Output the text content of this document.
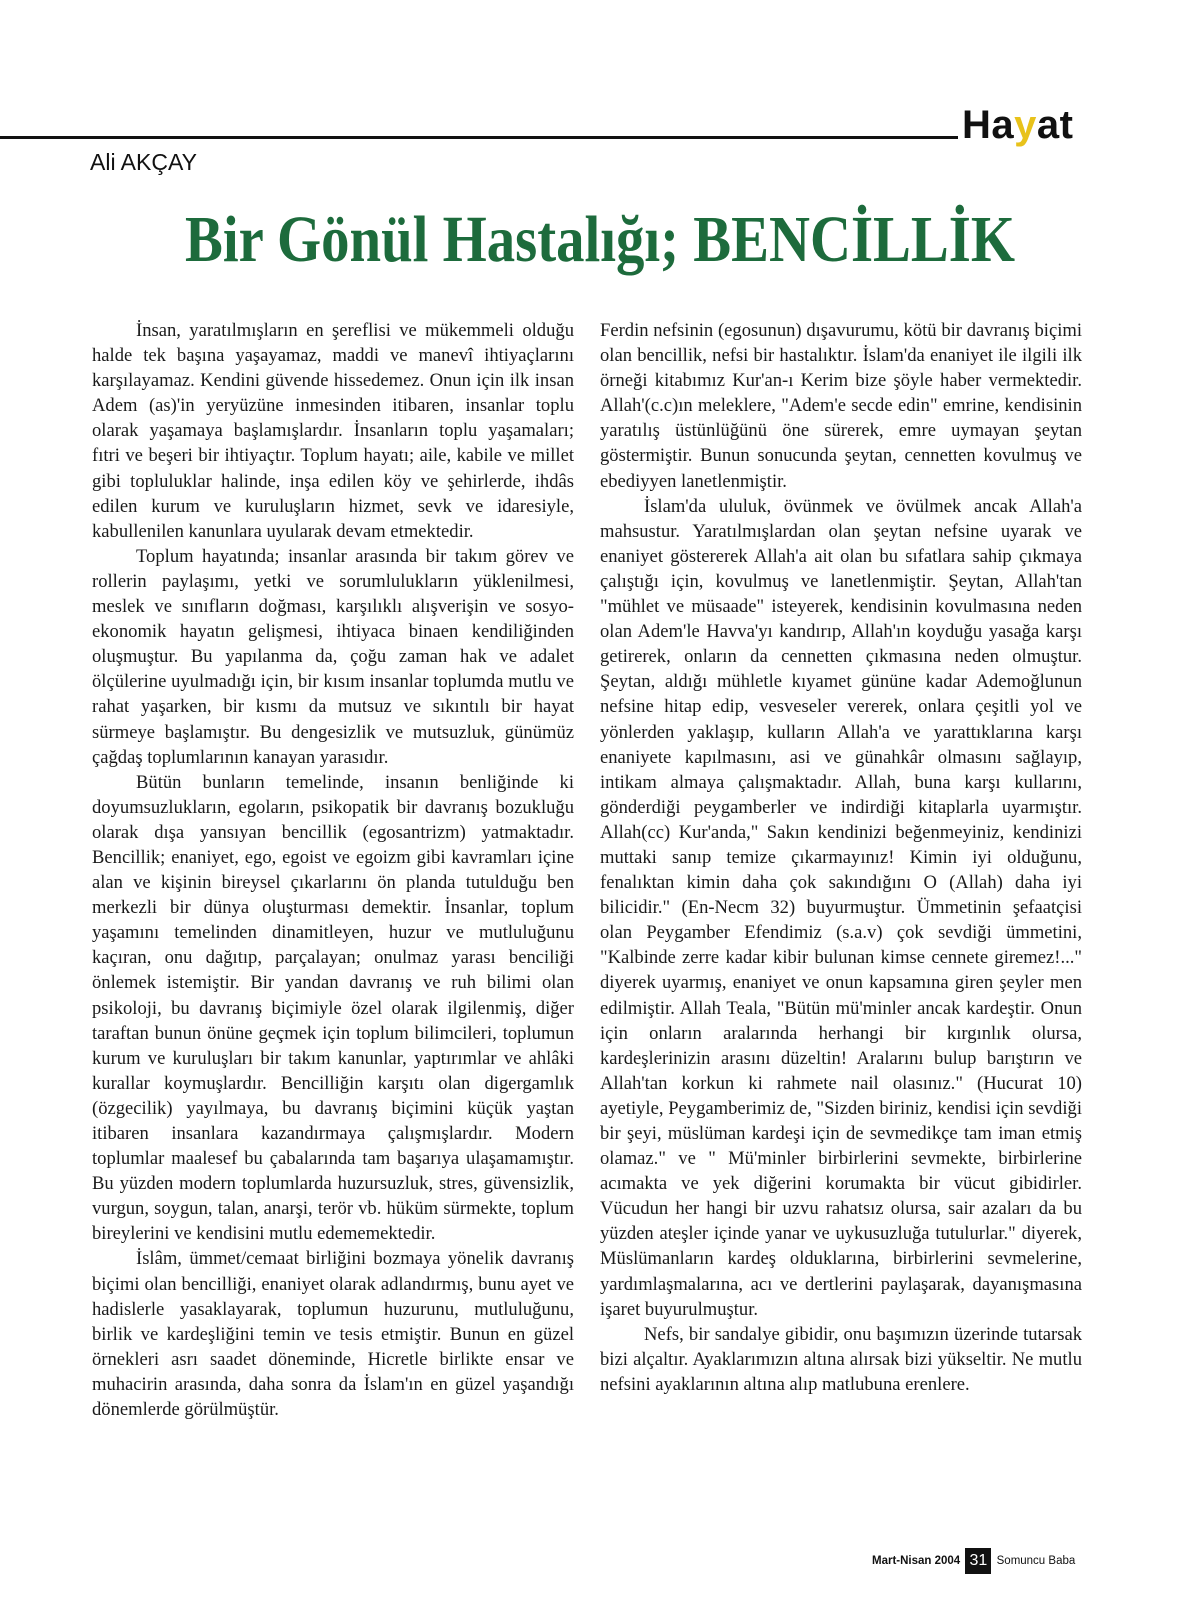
Hayat
Ali AKÇAY
Bir Gönül Hastalığı; BENCİLLİK

İnsan, yaratılmışların en şereflisi ve mükemmeli olduğu halde tek başına yaşayamaz, maddi ve manevî ihtiyaçlarını karşılayamaz. Kendini güvende hissedemez. Onun için ilk insan Adem (as)'in yeryüzüne inmesinden itibaren, insanlar toplu olarak yaşamaya başlamışlardır. İnsanların toplu yaşamaları; fıtri ve beşeri bir ihtiyaçtır. Toplum hayatı; aile, kabile ve millet gibi topluluklar halinde, inşa edilen köy ve şehirlerde, ihdâs edilen kurum ve kuruluşların hizmet, sevk ve idaresiyle, kabullenilen kanunlara uyularak devam etmektedir.

Toplum hayatında; insanlar arasında bir takım görev ve rollerin paylaşımı, yetki ve sorumlulukların yüklenilmesi, meslek ve sınıfların doğması, karşılıklı alışverişin ve sosyo-ekonomik hayatın gelişmesi, ihtiyaca binaen kendiliğinden oluşmuştur. Bu yapılanma da, çoğu zaman hak ve adalet ölçülerine uyulmadığı için, bir kısım insanlar toplumda mutlu ve rahat yaşarken, bir kısmı da mutsuz ve sıkıntılı bir hayat sürmeye başlamıştır. Bu dengesizlik ve mutsuzluk, günümüz çağdaş toplumlarının kanayan yarasıdır.

Bütün bunların temelinde, insanın benliğinde ki doyumsuzlukların, egoların, psikopatik bir davranış bozukluğu olarak dışa yansıyan bencillik (egosantrizm) yatmaktadır. Bencillik; enaniyet, ego, egoist ve egoizm gibi kavramları içine alan ve kişinin bireysel çıkarlarını ön planda tutulduğu ben merkezli bir dünya oluşturması demektir. İnsanlar, toplum yaşamını temelinden dinamitleyen, huzur ve mutluluğunu kaçıran, onu dağıtıp, parçalayan; onulmaz yarası benciliği önlemek istemiştir. Bir yandan davranış ve ruh bilimi olan psikoloji, bu davranış biçimiyle özel olarak ilgilenmiş, diğer taraftan bunun önüne geçmek için toplum bilimcileri, toplumun kurum ve kuruluşları bir takım kanunlar, yaptırımlar ve ahlâki kurallar koymuşlardır. Bencilliğin karşıtı olan digergamlık (özgecilik) yayılmaya, bu davranış biçimini küçük yaştan itibaren insanlara kazandırmaya çalışmışlardır. Modern toplumlar maalesef bu çabalarında tam başarıya ulaşamamıştır. Bu yüzden modern toplumlarda huzursuzluk, stres, güvensizlik, vurgun, soygun, talan, anarşi, terör vb. hüküm sürmekte, toplum bireylerini ve kendisini mutlu edememektedir.

İslâm, ümmet/cemaat birliğini bozmaya yönelik davranış biçimi olan bencilliği, enaniyet olarak adlandırmış, bunu ayet ve hadislerle yasaklayarak, toplumun huzurunu, mutluluğunu, birlik ve kardeşliğini temin ve tesis etmiştir. Bunun en güzel örnekleri asrı saadet döneminde, Hicretle birlikte ensar ve muhacirin arasında, daha sonra da İslam'ın en güzel yaşandığı dönemlerde görülmüştür.

Ferdin nefsinin (egosunun) dışavurumu, kötü bir davranış biçimi olan bencillik, nefsi bir hastalıktır. İslam'da enaniyet ile ilgili ilk örneği kitabımız Kur'an-ı Kerim bize şöyle haber vermektedir. Allah'(c.c)ın meleklere, "Adem'e secde edin" emrine, kendisinin yaratılış üstünlüğünü öne sürerek, emre uymayan şeytan göstermiştir. Bunun sonucunda şeytan, cennetten kovulmuş ve ebediyyen lanetlenmiştir.

İslam'da ululuk, övünmek ve övülmek ancak Allah'a mahsustur. Yaratılmışlardan olan şeytan nefsine uyarak ve enaniyet göstererek Allah'a ait olan bu sıfatlara sahip çıkmaya çalıştığı için, kovulmuş ve lanetlenmiştir. Şeytan, Allah'tan "mühlet ve müsaade" isteyerek, kendisinin kovulmasına neden olan Adem'le Havva'yı kandırıp, Allah'ın koyduğu yasağa karşı getirerek, onların da cennetten çıkmasına neden olmuştur. Şeytan, aldığı mühletle kıyamet gününe kadar Ademoğlunun nefsine hitap edip, vesveseler vererek, onlara çeşitli yol ve yönlerden yaklaşıp, kulların Allah'a ve yarattıklarına karşı enaniyete kapılmasını, asi ve günahkâr olmasını sağlayıp, intikam almaya çalışmaktadır. Allah, buna karşı kullarını, gönderdiği peygamberler ve indirdiği kitaplarla uyarmıştır. Allah(cc) Kur'anda," Sakın kendinizi beğenmeyiniz, kendinizi muttaki sanıp temize çıkarmayınız! Kimin iyi olduğunu, fenalıktan kimin daha çok sakındığını O (Allah) daha iyi bilicidir." (En-Necm 32) buyurmuştur. Ümmetinin şefaatçisi olan Peygamber Efendimiz (s.a.v) çok sevdiği ümmetini, "Kalbinde zerre kadar kibir bulunan kimse cennete giremez!..." diyerek uyarmış, enaniyet ve onun kapsamına giren şeyler men edilmiştir. Allah Teala, "Bütün mü'minler ancak kardeştir. Onun için onların aralarında herhangi bir kırgınlık olursa, kardeşlerinizin arasını düzeltin! Aralarını bulup barıştırın ve Allah'tan korkun ki rahmete nail olasınız." (Hucurat 10) ayetiyle, Peygamberimiz de, "Sizden biriniz, kendisi için sevdiği bir şeyi, müslüman kardeşi için de sevmedikçe tam iman etmiş olamaz." ve " Mü'minler birbirlerini sevmekte, birbirlerine acımakta ve yek diğerini korumakta bir vücut gibidirler. Vücudun her hangi bir uzvu rahatsız olursa, sair azaları da bu yüzden ateşler içinde yanar ve uykusuzluğa tutulurlar." diyerek, Müslümanların kardeş olduklarına, birbirlerini sevmelerine, yardımlaşmalarına, acı ve dertlerini paylaşarak, dayanışmasına işaret buyurulmuştur.

Nefs, bir sandalye gibidir, onu başımızın üzerinde tutarsak bizi alçaltır. Ayaklarımızın altına alırsak bizi yükseltir. Ne mutlu nefsini ayaklarının altına alıp matlubuna erenlere.

Mart-Nisan 2004 31 Somuncu Baba
